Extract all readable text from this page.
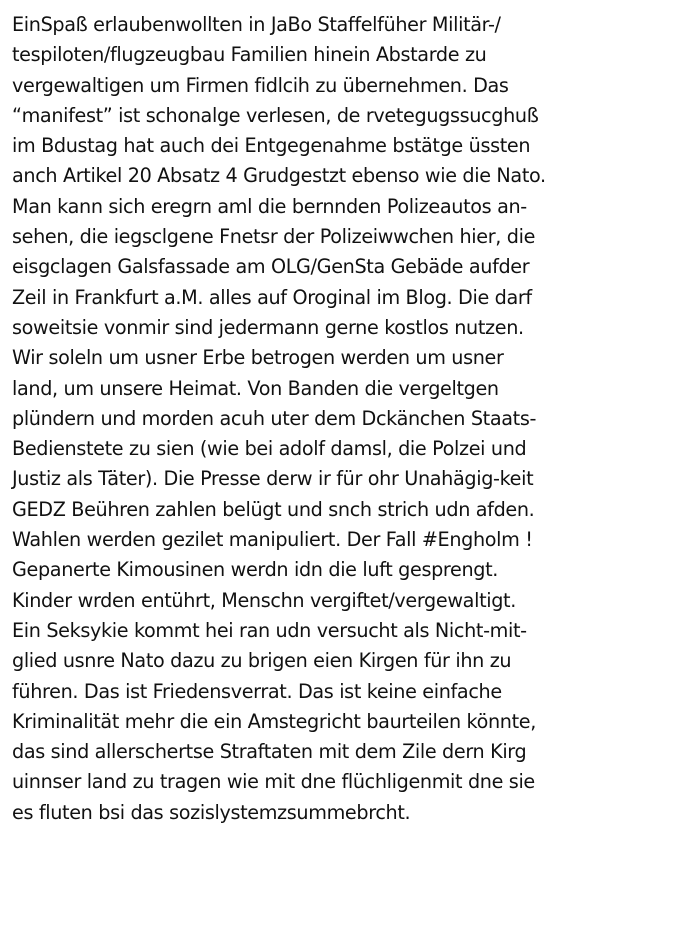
EinSpaß erlaubenwollten in JaBo Staffelfüher Militär-/
tespiloten/flugzeugbau Familien hinein Abstarde zu
vergewaltigen um Firmen fidlcih zu übernehmen. Das
“manifest” ist schonalge verlesen, de rvetegugssucghuß
im Bdustag hat auch dei Entgegenahme bstätge üssten
anch Artikel 20 Absatz 4 Grudgestzt ebenso wie die Nato.
Man kann sich eregrn aml die bernnden Polizeautos an-
sehen, die iegsclgene Fnetsr der Polizeiwwchen hier, die
eisgclagen Galsfassade am OLG/GenSta Gebäde aufder
Zeil in Frankfurt a.M. alles auf Oroginal im Blog. Die darf
soweitsie vonmir sind jedermann gerne kostlos nutzen.
Wir soleln um usner Erbe betrogen werden um usner
land, um unsere Heimat. Von Banden die vergeltgen
plündern und morden acuh uter dem Dckänchen Staats-
Bedienstete zu sien (wie bei adolf damsl, die Polzei und
Justiz als Täter). Die Presse derw ir für ohr Unahägig-keit
GEDZ Beühren zahlen belügt und snch strich udn afden.
Wahlen werden gezilet manipuliert. Der Fall #Engholm !
Gepanerte Kimousinen werdn idn die luft gesprengt.
Kinder wrden entührt, Menschn vergiftet/vergewaltigt.
Ein Seksykie kommt hei ran udn versucht als Nicht-mit-
glied usnre Nato dazu zu brigen eien Kirgen für ihn zu
führen. Das ist Friedensverrat. Das ist keine einfache
Kriminalität mehr die ein Amstegricht baurteilen könnte,
das sind allerschertse Straftaten mit dem Zile dern Kirg
uinnser land zu tragen wie mit dne flüchligenmit dne sie
es fluten bsi das sozislystemzsummebrcht.
